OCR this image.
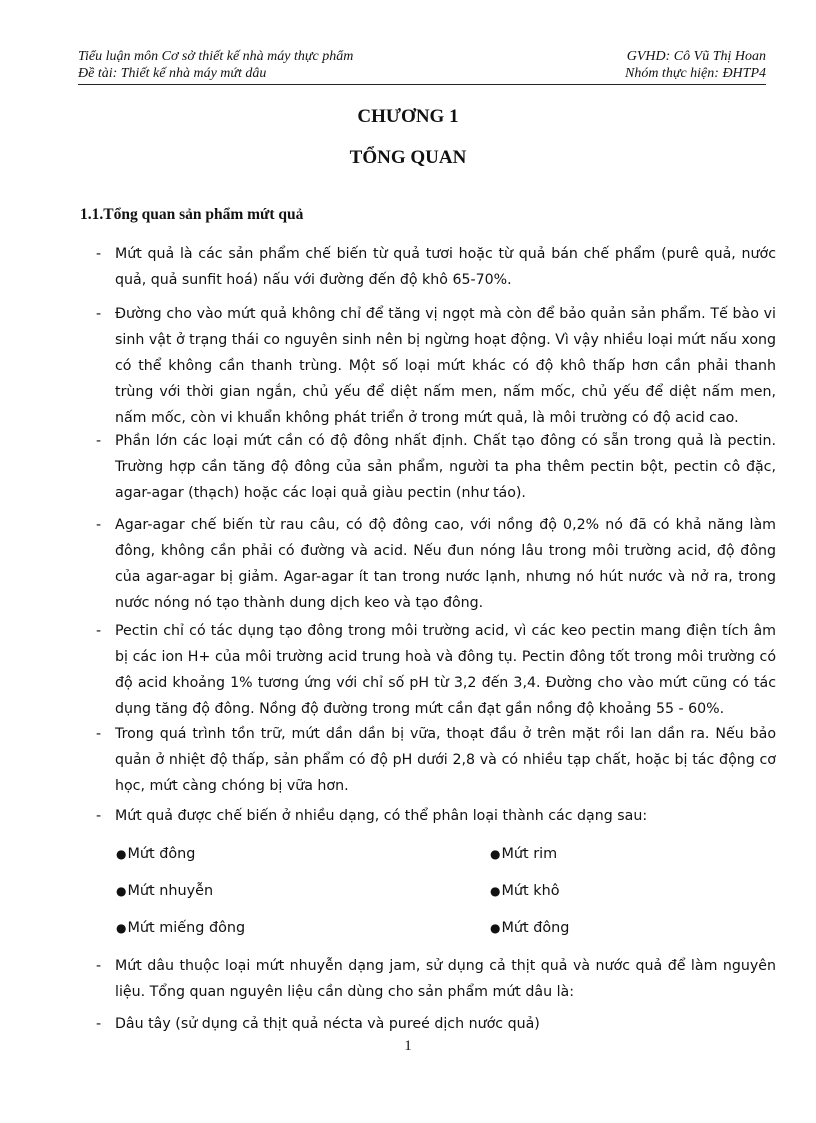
Tiểu luận môn Cơ sở thiết kế nhà máy thực phẩm	GVHD: Cô Vũ Thị Hoan
Đề tài: Thiết kế nhà máy mứt dâu	Nhóm thực hiện: ĐHTP4
CHƯƠNG 1
TỔNG QUAN
1.1.Tổng quan sản phẩm mứt quả
- Mứt quả là các sản phẩm chế biến từ quả tươi hoặc từ quả bán chế phẩm (purê quả, nước quả, quả sunfit hoá) nấu với đường đến độ khô 65-70%.
- Đường cho vào mứt quả không chỉ để tăng vị ngọt mà còn để bảo quản sản phẩm. Tế bào vi sinh vật ở trạng thái co nguyên sinh nên bị ngừng hoạt động. Vì vậy nhiều loại mứt nấu xong có thể không cần thanh trùng. Một số loại mứt khác có độ khô thấp hơn cần phải thanh trùng với thời gian ngắn, chủ yếu để diệt nấm men, nấm mốc, chủ yếu để diệt nấm men, nấm mốc, còn vi khuẩn không phát triển ở trong mứt quả, là môi trường có độ acid cao.
- Phần lớn các loại mứt cần có độ đông nhất định. Chất tạo đông có sẵn trong quả là pectin. Trường hợp cần tăng độ đông của sản phẩm, người ta pha thêm pectin bột, pectin cô đặc, agar-agar (thạch) hoặc các loại quả giàu pectin (như táo).
- Agar-agar chế biến từ rau câu, có độ đông cao, với nồng độ 0,2% nó đã có khả năng làm đông, không cần phải có đường và acid. Nếu đun nóng lâu trong môi trường acid, độ đông của agar-agar bị giảm. Agar-agar ít tan trong nước lạnh, nhưng nó hút nước và nở ra, trong nước nóng nó tạo thành dung dịch keo và tạo đông.
- Pectin chỉ có tác dụng tạo đông trong môi trường acid, vì các keo pectin mang điện tích âm bị các ion H+ của môi trường acid trung hoà và đông tụ. Pectin đông tốt trong môi trường có độ acid khoảng 1% tương ứng với chỉ số pH từ 3,2 đến 3,4. Đường cho vào mứt cũng có tác dụng tăng độ đông. Nồng độ đường trong mứt cần đạt gần nồng độ khoảng 55 - 60%.
- Trong quá trình tồn trữ, mứt dần dần bị vữa, thoạt đầu ở trên mặt rồi lan dần ra. Nếu bảo quản ở nhiệt độ thấp, sản phẩm có độ pH dưới 2,8 và có nhiều tạp chất, hoặc bị tác động cơ học, mứt càng chóng bị vữa hơn.
- Mứt quả được chế biến ở nhiều dạng, có thể phân loại thành các dạng sau:
●Mứt đông	●Mứt rim
●Mứt nhuyễn	●Mứt khô
●Mứt miếng đông	●Mứt đông
- Mứt dâu thuộc loại mứt nhuyễn dạng jam, sử dụng cả thịt quả và nước quả để làm nguyên liệu. Tổng quan nguyên liệu cần dùng cho sản phẩm mứt dâu là:
- Dâu tây (sử dụng cả thịt quả nécta và pureé dịch nước quả)
1
